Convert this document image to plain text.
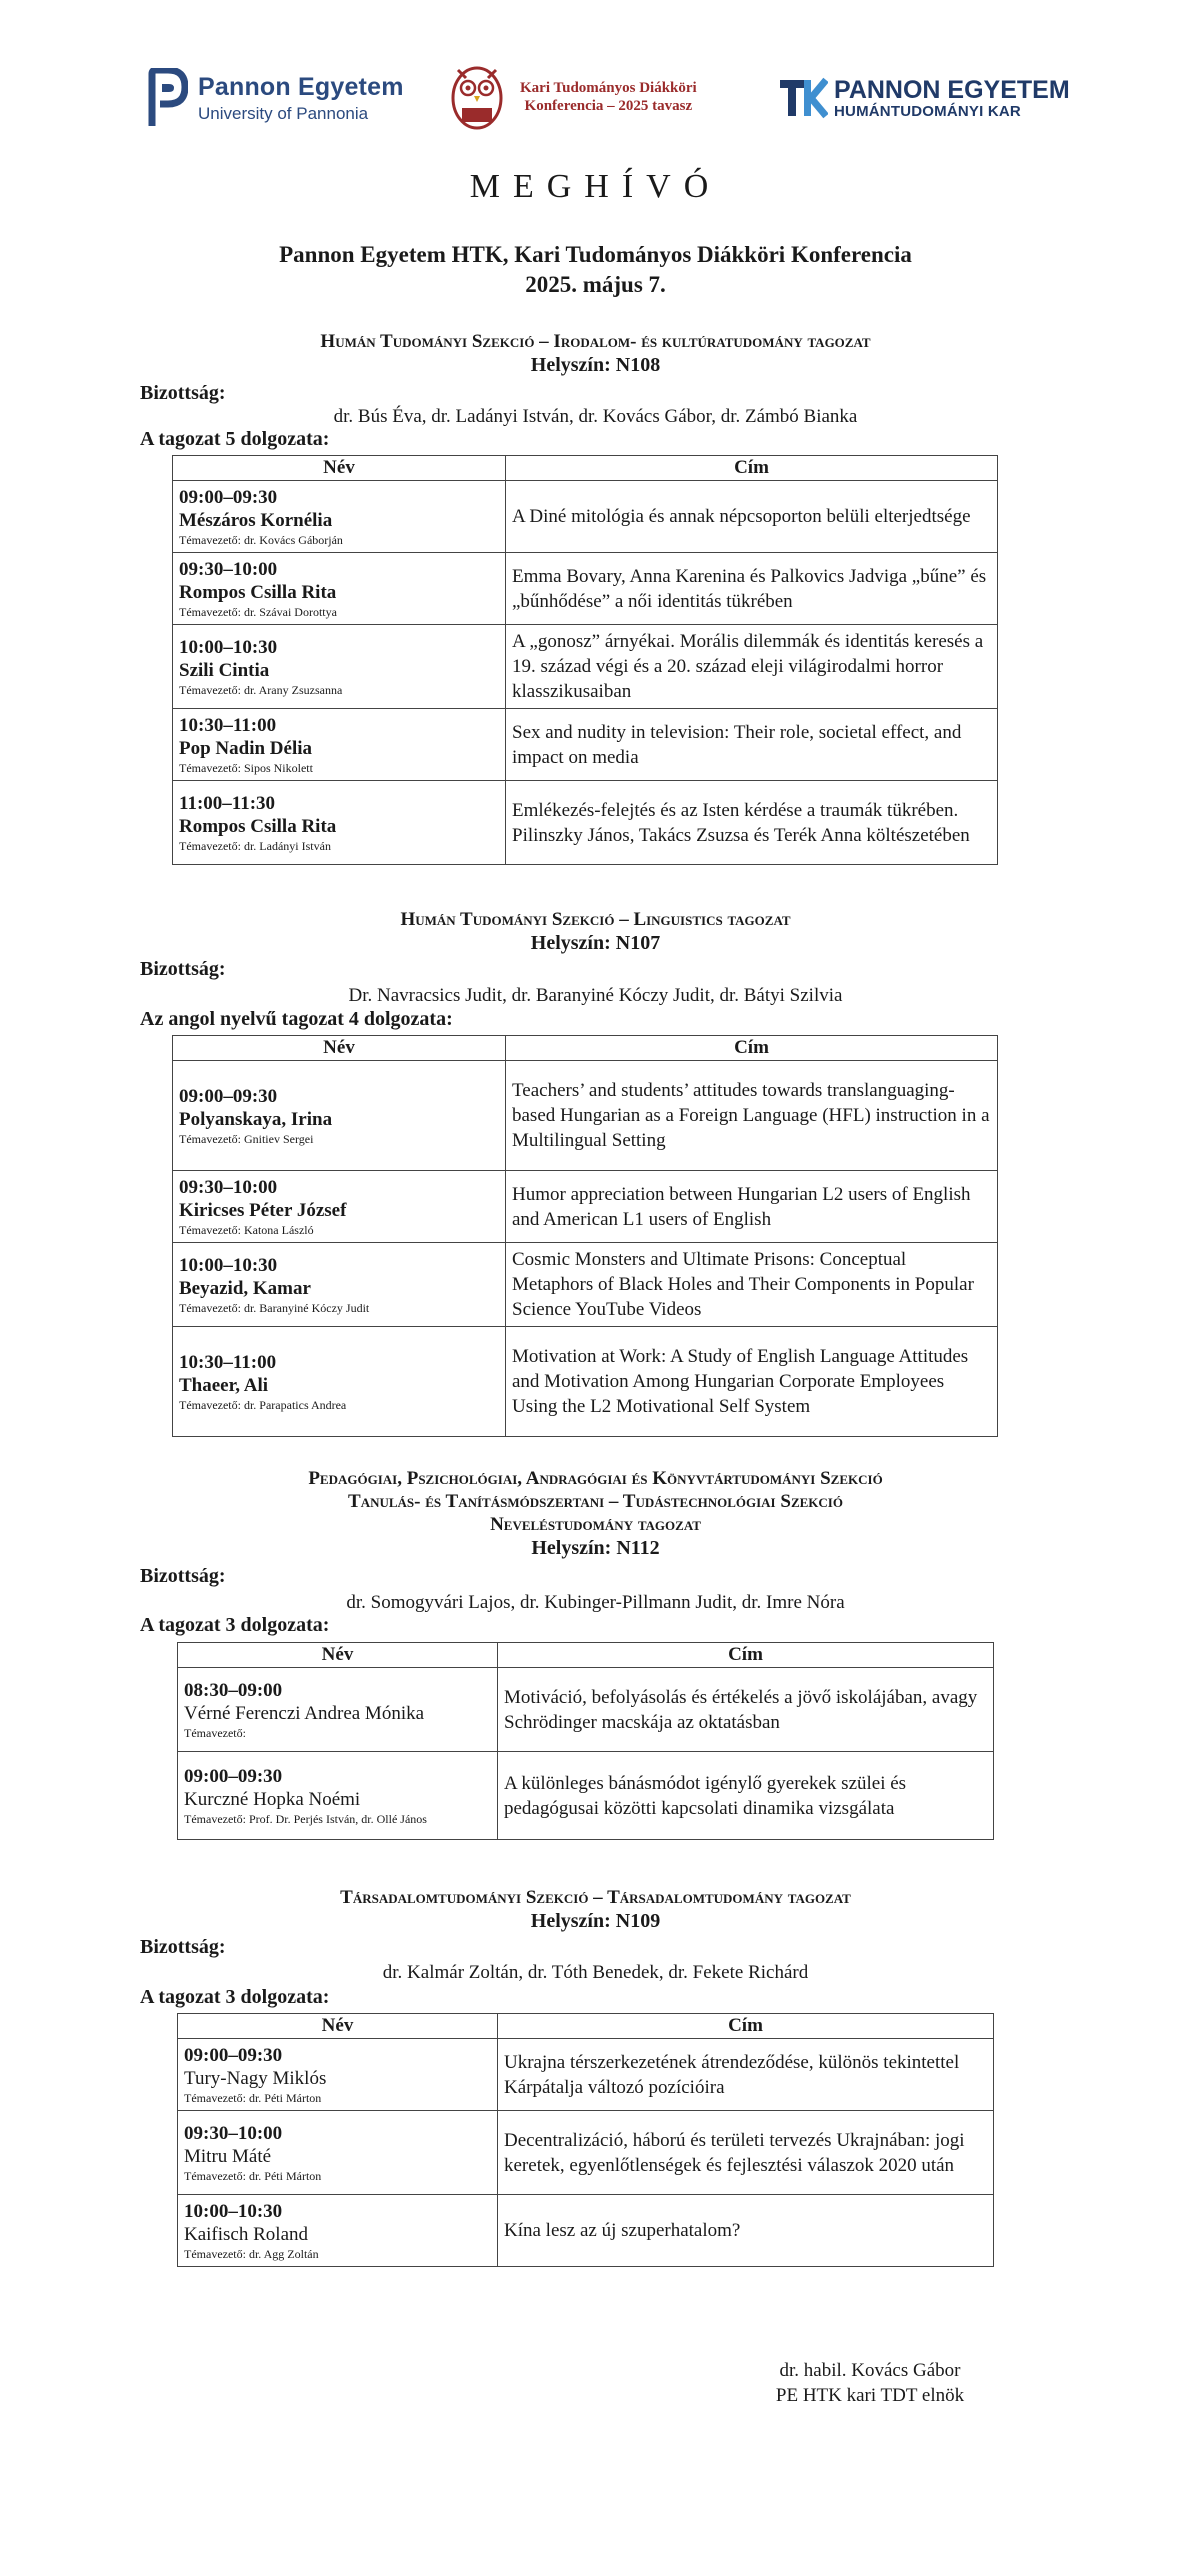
Pannon Egyetem
University of Pannonia
Kari Tudományos Diákköri
Konferencia – 2025 tavasz
PANNON EGYETEM
HUMÁNTUDOMÁNYI KAR
MEGHÍVÓ
Pannon Egyetem HTK, Kari Tudományos Diákköri Konferencia
2025. május 7.
Humán Tudományi Szekció – Irodalom- és kultúratudomány tagozat
Helyszín: N108
Bizottság:
dr. Bús Éva, dr. Ladányi István, dr. Kovács Gábor, dr. Zámbó Bianka
A tagozat 5 dolgozata:
Név	Cím

09:00–09:30
Mészáros Kornélia
Témavezető: dr. Kovács Gáborján	A Diné mitológia és annak népcsoporton belüli elterjedtsége

09:30–10:00
Rompos Csilla Rita
Témavezető: dr. Szávai Dorottya	Emma Bovary, Anna Karenina és Palkovics Jadviga „bűne” és „bűnhődése” a női identitás tükrében

10:00–10:30
Szili Cintia
Témavezető: dr. Arany Zsuzsanna	A „gonosz” árnyékai. Morális dilemmák és identitás keresés a 19. század végi és a 20. század eleji világirodalmi horror klasszikusaiban

10:30–11:00
Pop Nadin Délia
Témavezető: Sipos Nikolett	Sex and nudity in television: Their role, societal effect, and impact on media

11:00–11:30
Rompos Csilla Rita
Témavezető: dr. Ladányi István	Emlékezés-felejtés és az Isten kérdése a traumák tükrében. Pilinszky János, Takács Zsuzsa és Terék Anna költészetében
Humán Tudományi Szekció – Linguistics tagozat
Helyszín: N107
Bizottság:
Dr. Navracsics Judit, dr. Baranyiné Kóczy Judit, dr. Bátyi Szilvia
Az angol nyelvű tagozat 4 dolgozata:
Név	Cím

09:00–09:30
Polyanskaya, Irina
Témavezető: Gnitiev Sergei	Teachers’ and students’ attitudes towards translanguaging-based Hungarian as a Foreign Language (HFL) instruction in a Multilingual Setting

09:30–10:00
Kiricses Péter József
Témavezető: Katona László	Humor appreciation between Hungarian L2 users of English and American L1 users of English

10:00–10:30
Beyazid, Kamar
Témavezető: dr. Baranyiné Kóczy Judit	Cosmic Monsters and Ultimate Prisons: Conceptual Metaphors of Black Holes and Their Components in Popular Science YouTube Videos

10:30–11:00
Thaeer, Ali
Témavezető: dr. Parapatics Andrea	Motivation at Work: A Study of English Language Attitudes and Motivation Among Hungarian Corporate Employees Using the L2 Motivational Self System
Pedagógiai, Pszichológiai, Andragógiai és Könyvtártudományi Szekció
Tanulás- és Tanításmódszertani – Tudástechnológiai Szekció
Neveléstudomány tagozat
Helyszín: N112
Bizottság:
dr. Somogyvári Lajos, dr. Kubinger-Pillmann Judit, dr. Imre Nóra
A tagozat 3 dolgozata:
Név	Cím

08:30–09:00
Vérné Ferenczi Andrea Mónika
Témavezető:	Motiváció, befolyásolás és értékelés a jövő iskolájában, avagy Schrödinger macskája az oktatásban

09:00–09:30
Kurczné Hopka Noémi
Témavezető: Prof. Dr. Perjés István, dr. Ollé János	A különleges bánásmódot igénylő gyerekek szülei és pedagógusai közötti kapcsolati dinamika vizsgálata
Társadalomtudományi Szekció – Társadalomtudomány tagozat
Helyszín: N109
Bizottság:
dr. Kalmár Zoltán, dr. Tóth Benedek, dr. Fekete Richárd
A tagozat 3 dolgozata:
Név	Cím

09:00–09:30
Tury-Nagy Miklós
Témavezető: dr. Péti Márton	Ukrajna térszerkezetének átrendeződése, különös tekintettel Kárpátalja változó pozícióira

09:30–10:00
Mitru Máté
Témavezető: dr. Péti Márton	Decentralizáció, háború és területi tervezés Ukrajnában: jogi keretek, egyenlőtlenségek és fejlesztési válaszok 2020 után

10:00–10:30
Kaifisch Roland
Témavezető: dr. Agg Zoltán	Kína lesz az új szuperhatalom?
dr. habil. Kovács Gábor
PE HTK kari TDT elnök
